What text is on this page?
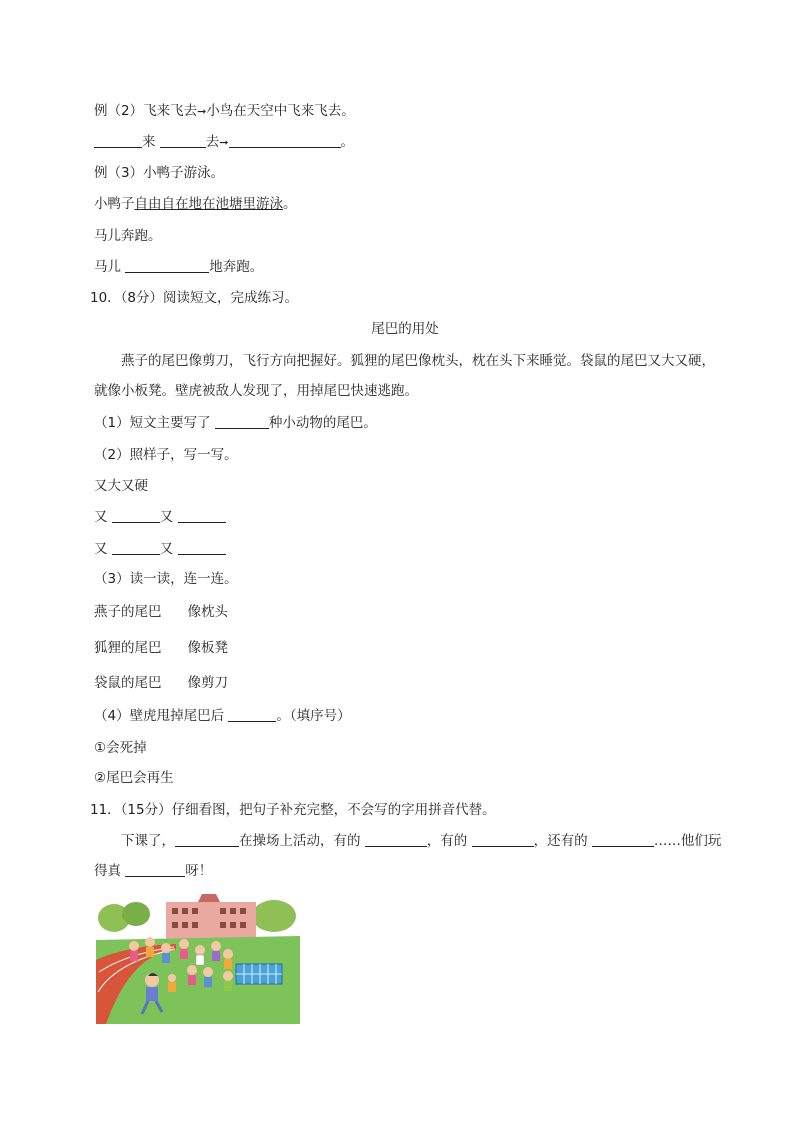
例（2）飞来飞去➞小鸟在天空中飞来飞去。
来	去➞	。
例（3）小鸭子游泳。
小鸭子自由自在地在池塘里游泳。
马儿奔跑。
马儿	地奔跑。
10．（8分）阅读短文，完成练习。
尾巴的用处
燕子的尾巴像剪刀，飞行方向把握好。狐狸的尾巴像枕头，枕在头下来睡觉。袋鼠的尾巴又大又硬，就像小板凳。壁虎被敌人发现了，用掉尾巴快速逃跑。
（1）短文主要写了	种小动物的尾巴。
（2）照样子，写一写。
又大又硬
又	又
又	又
（3）读一读，连一连。
燕子的尾巴 像枕头
狐狸的尾巴 像板凳
袋鼠的尾巴 像剪刀
（4）壁虎甩掉尾巴后	。（填序号）
①会死掉
②尾巴会再生
11．（15分）仔细看图，把句子补充完整，不会写的字用拼音代替。
下课了，	在操场上活动，有的	，有的	，还有的	……他们玩得真	呀！
